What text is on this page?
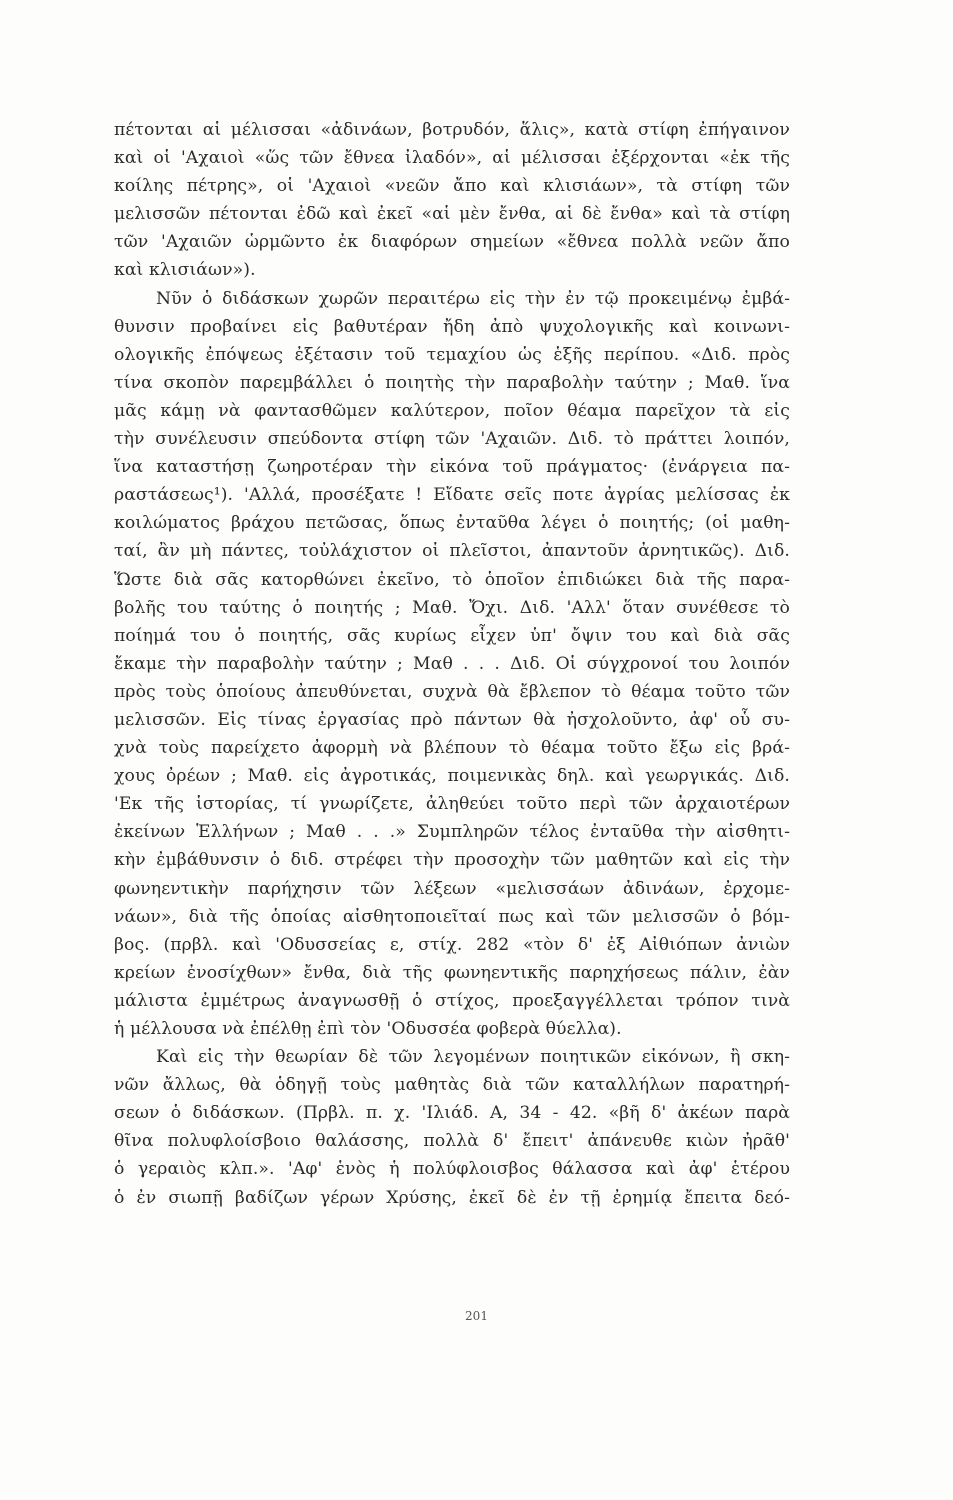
πέτονται αἱ μέλισσαι «ἀδινάων, βοτρυδόν, ἅλις», κατὰ στίφη ἐπήγαινον
καὶ οἱ 'Αχαιοὶ «ὥς τῶν ἔθνεα ἰλαδόν», αἱ μέλισσαι ἐξέρχονται «ἐκ τῆς
κοίλης πέτρης», οἱ 'Αχαιοὶ «νεῶν ἄπο καὶ κλισιάων», τὰ στίφη τῶν
μελισσῶν πέτονται ἐδῶ καὶ ἐκεῖ «αἱ μὲν ἔνθα, αἱ δὲ ἔνθα» καὶ τὰ στίφη
τῶν 'Αχαιῶν ὡρμῶντο ἐκ διαφόρων σημείων «ἔθνεα πολλὰ νεῶν ἄπο
καὶ κλισιάων»).
Νῦν ὁ διδάσκων χωρῶν περαιτέρω εἰς τὴν ἐν τῷ προκειμένῳ ἐμβά-
θυνσιν προβαίνει εἰς βαθυτέραν ἤδη ἀπὸ ψυχολογικῆς καὶ κοινωνι-
ολογικῆς ἐπόψεως ἐξέτασιν τοῦ τεμαχίου ὡς ἑξῆς περίπου. «Διδ. πρὸς
τίνα σκοπὸν παρεμβάλλει ὁ ποιητὴς τὴν παραβολὴν ταύτην ; Μαθ. ἵνα
μᾶς κάμῃ νὰ φαντασθῶμεν καλύτερον, ποῖον θέαμα παρεῖχον τὰ εἰς
τὴν συνέλευσιν σπεύδοντα στίφη τῶν 'Αχαιῶν. Διδ. τὸ πράττει λοιπόν,
ἵνα καταστήσῃ ζωηροτέραν τὴν εἰκόνα τοῦ πράγματος· (ἐνάργεια πα-
ραστάσεως¹). 'Αλλά, προσέξατε ! Εἴδατε σεῖς ποτε ἀγρίας μελίσσας ἐκ
κοιλώματος βράχου πετῶσας, ὅπως ἐνταῦθα λέγει ὁ ποιητής; (οἱ μαθη-
ταί, ἂν μὴ πάντες, τοὐλάχιστον οἱ πλεῖστοι, ἀπαντοῦν ἀρνητικῶς). Διδ.
Ὥστε διὰ σᾶς κατορθώνει ἐκεῖνο, τὸ ὁποῖον ἐπιδιώκει διὰ τῆς παρα-
βολῆς του ταύτης ὁ ποιητής ; Μαθ. Ὄχι. Διδ. 'Αλλ' ὅταν συνέθεσε τὸ
ποίημά του ὁ ποιητής, σᾶς κυρίως εἶχεν ὑπ' ὄψιν του καὶ διὰ σᾶς
ἔκαμε τὴν παραβολὴν ταύτην ; Μαθ . . . Διδ. Οἱ σύγχρονοί του λοιπόν
πρὸς τοὺς ὁποίους ἀπευθύνεται, συχνὰ θὰ ἔβλεπον τὸ θέαμα τοῦτο τῶν
μελισσῶν. Εἰς τίνας ἐργασίας πρὸ πάντων θὰ ἠσχολοῦντο, ἀφ' οὗ συ-
χνὰ τοὺς παρείχετο ἀφορμὴ νὰ βλέπουν τὸ θέαμα τοῦτο ἔξω εἰς βρά-
χους ὀρέων ; Μαθ. εἰς ἀγροτικάς, ποιμενικὰς δηλ. καὶ γεωργικάς. Διδ.
'Εκ τῆς ἱστορίας, τί γνωρίζετε, ἀληθεύει τοῦτο περὶ τῶν ἀρχαιοτέρων
ἐκείνων Ἑλλήνων ; Μαθ . . .» Συμπληρῶν τέλος ἐνταῦθα τὴν αἰσθητι-
κὴν ἐμβάθυνσιν ὁ διδ. στρέφει τὴν προσοχὴν τῶν μαθητῶν καὶ εἰς τὴν
φωνηεντικὴν παρήχησιν τῶν λέξεων «μελισσάων ἀδινάων, ἐρχομε-
νάων», διὰ τῆς ὁποίας αἰσθητοποιεῖταί πως καὶ τῶν μελισσῶν ὁ βόμ-
βος. (πρβλ. καὶ 'Οδυσσείας ε, στίχ. 282 «τὸν δ' ἐξ Αἰθιόπων ἀνιὼν
κρείων ἐνοσίχθων» ἔνθα, διὰ τῆς φωνηεντικῆς παρηχήσεως πάλιν, ἐὰν
μάλιστα ἐμμέτρως ἀναγνωσθῇ ὁ στίχος, προεξαγγέλλεται τρόπον τινὰ
ἡ μέλλουσα νὰ ἐπέλθῃ ἐπὶ τὸν 'Οδυσσέα φοβερὰ θύελλα).
Καὶ εἰς τὴν θεωρίαν δὲ τῶν λεγομένων ποιητικῶν εἰκόνων, ἢ σκη-
νῶν ἄλλως, θὰ ὁδηγῇ τοὺς μαθητὰς διὰ τῶν καταλλήλων παρατηρή-
σεων ὁ διδάσκων. (Πρβλ. π. χ. 'Ιλιάδ. Α, 34 - 42. «βῆ δ' ἀκέων παρὰ
θῖνα πολυφλοίσβοιο θαλάσσης, πολλὰ δ' ἔπειτ' ἀπάνευθε κιὼν ἠρᾶθ'
ὁ γεραιὸς κλπ.». 'Αφ' ἑνὸς ἡ πολύφλοισβος θάλασσα καὶ ἀφ' ἑτέρου
ὁ ἐν σιωπῇ βαδίζων γέρων Χρύσης, ἐκεῖ δὲ ἐν τῇ ἐρημίᾳ ἔπειτα δεό-
201
